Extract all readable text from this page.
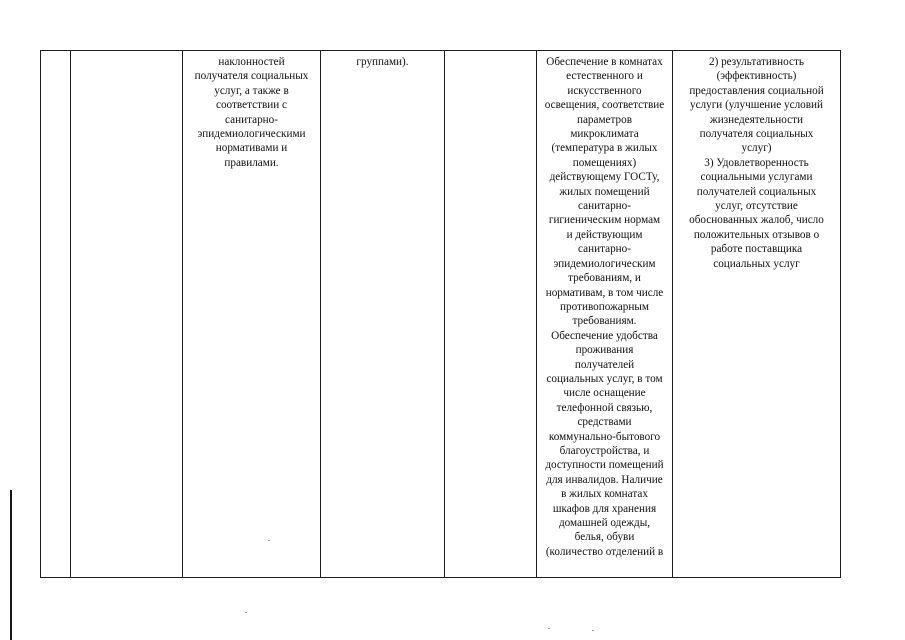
		наклонностей
получателя социальных
услуг, а также в
соответствии с
санитарно-
эпидемиологическими
нормативами и
правилами.	группами).		Обеспечение в комнатах
естественного и
искусственного
освещения, соответствие
параметров
микроклимата
(температура в жилых
помещениях)
действующему ГОСТу,
жилых помещений
санитарно-
гигиеническим нормам
и действующим
санитарно-
эпидемиологическим
требованиям, и
нормативам, в том числе
противопожарным
требованиям.
Обеспечение удобства
проживания
получателей
социальных услуг, в том
числе оснащение
телефонной связью,
средствами
коммунально-бытового
благоустройства, и
доступности помещений
для инвалидов. Наличие
в жилых комнатах
шкафов для хранения
домашней одежды,
белья, обуви
(количество отделений в	2) результативность
(эффективность)
предоставления социальной
услуги (улучшение условий
жизнедеятельности
получателя социальных
услуг)
3) Удовлетворенность
социальными услугами
получателей социальных
услуг, отсутствие
обоснованных жалоб, число
положительных отзывов о
работе поставщика
социальных услуг
